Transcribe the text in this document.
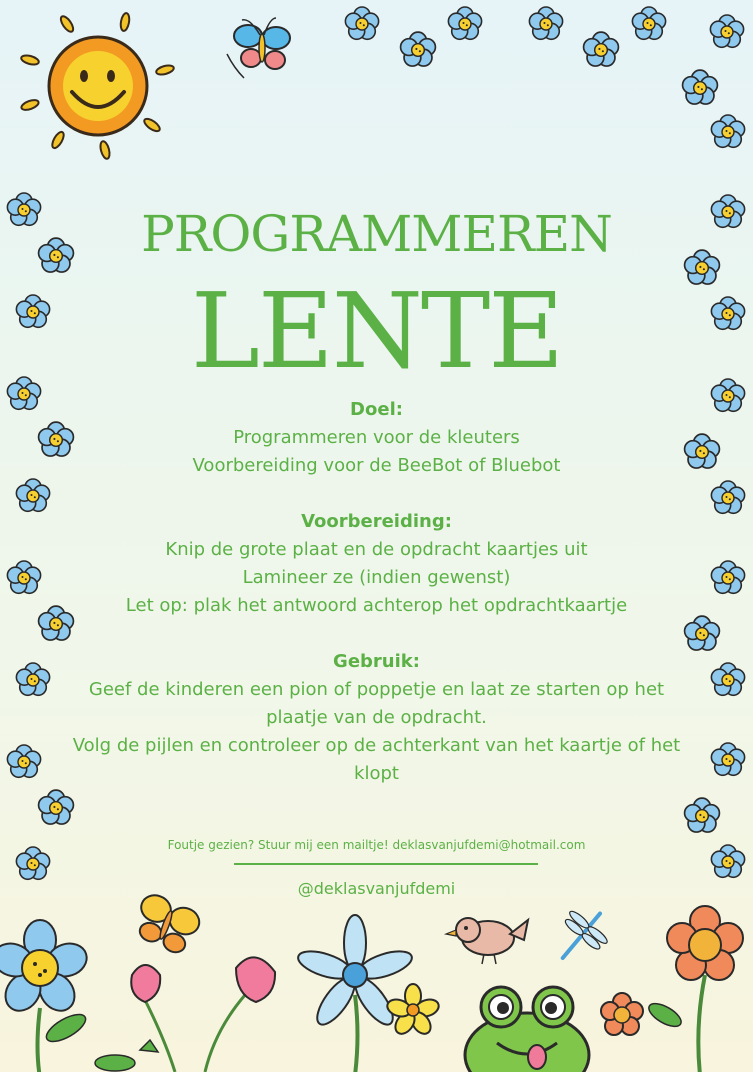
PROGRAMMEREN
LENTE
Doel:
Programmeren voor de kleuters
Voorbereiding voor de BeeBot of Bluebot
Voorbereiding:
Knip de grote plaat en de opdracht kaartjes uit
Lamineer ze (indien gewenst)
Let op: plak het antwoord achterop het opdrachtkaartje
Gebruik:
Geef de kinderen een pion of poppetje en laat ze starten op het
plaatje van de opdracht.
Volg de pijlen en controleer op de achterkant van het kaartje of het
klopt
Foutje gezien? Stuur mij een mailtje! deklasvanjufdemi@hotmail.com
@deklasvanjufdemi
